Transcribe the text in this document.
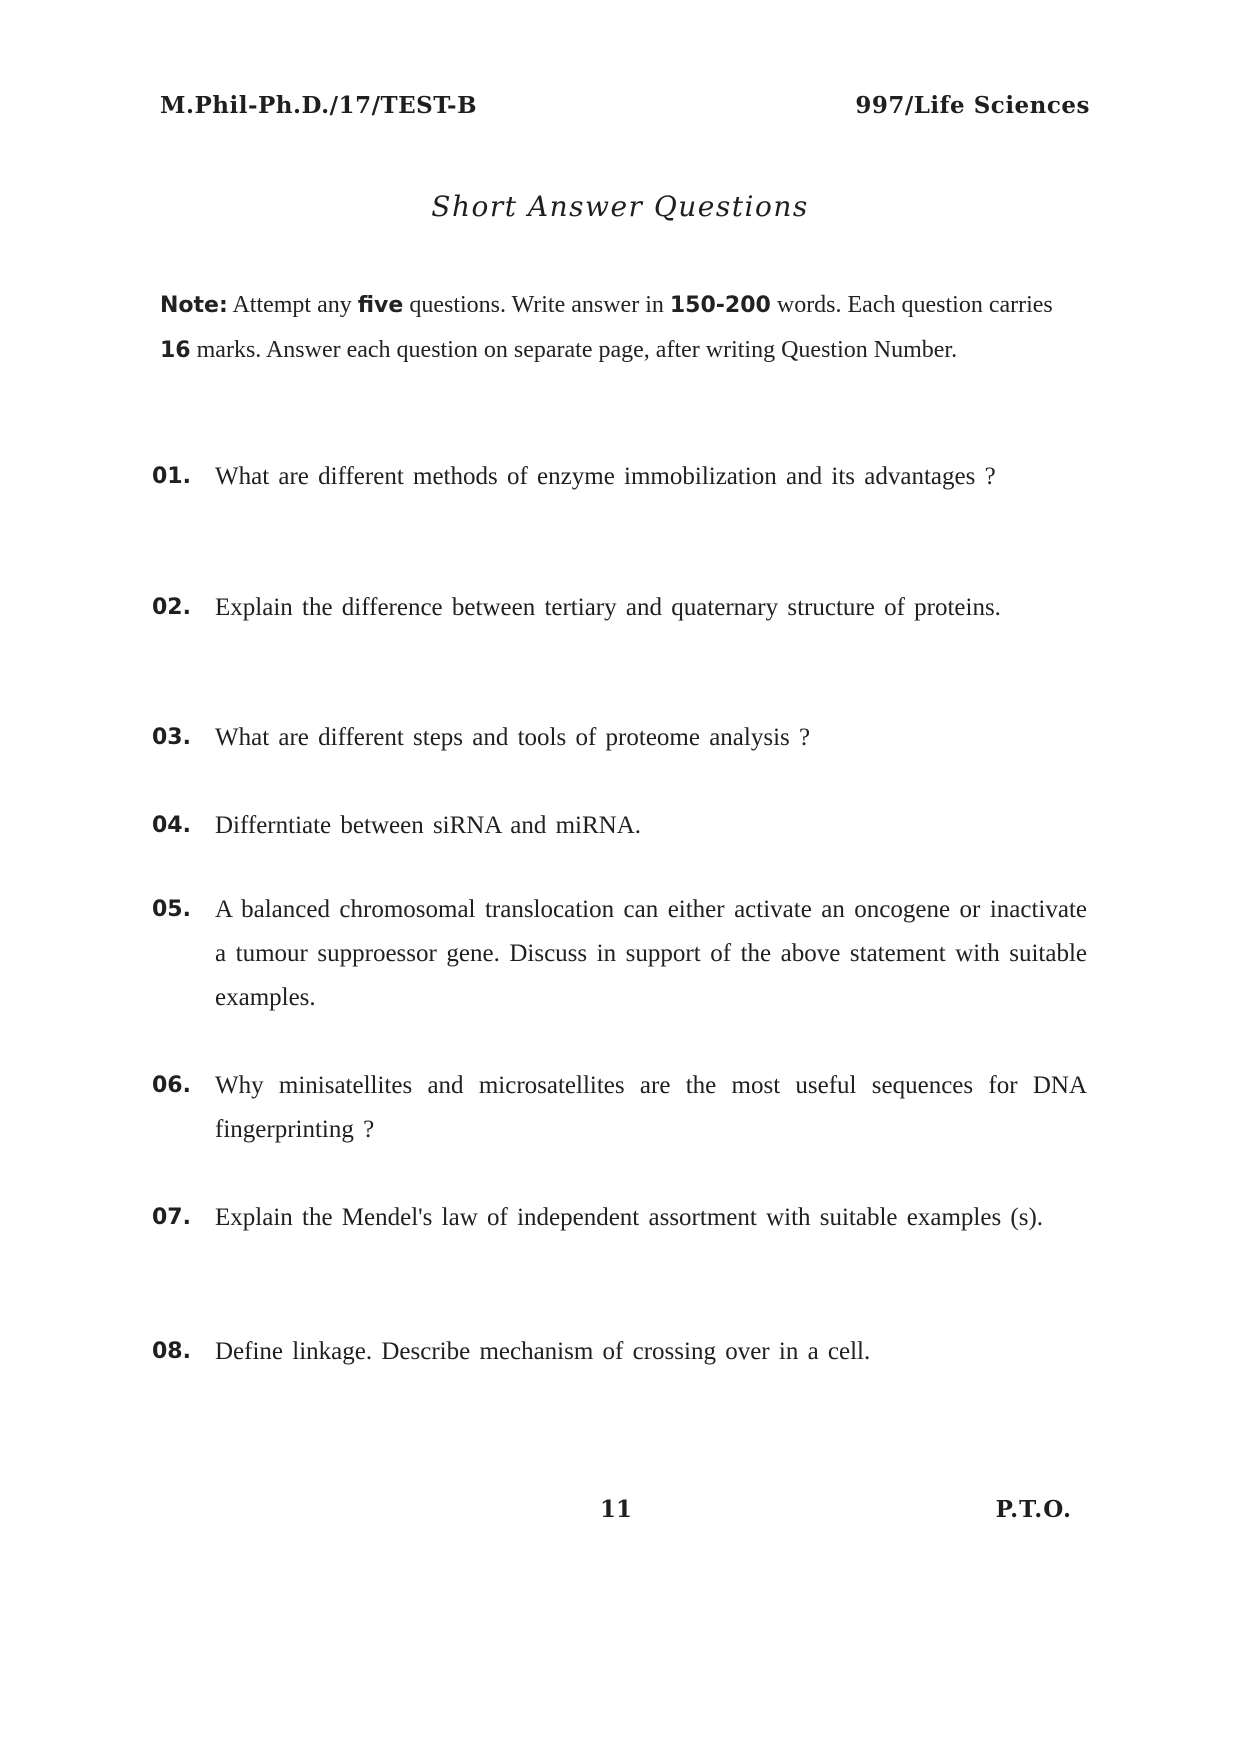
M.Phil-Ph.D./17/TEST-B	997/Life Sciences
Short Answer Questions
Note: Attempt any five questions. Write answer in 150-200 words. Each question carries 16 marks. Answer each question on separate page, after writing Question Number.
01. What are different methods of enzyme immobilization and its advantages ?
02. Explain the difference between tertiary and quaternary structure of proteins.
03. What are different steps and tools of proteome analysis ?
04. Differntiate between siRNA and miRNA.
05. A balanced chromosomal translocation can either activate an oncogene or inactivate a tumour supproessor gene. Discuss in support of the above statement with suitable examples.
06. Why minisatellites and microsatellites are the most useful sequences for DNA fingerprinting ?
07. Explain the Mendel's law of independent assortment with suitable examples (s).
08. Define linkage. Describe mechanism of crossing over in a cell.
11	P.T.O.
